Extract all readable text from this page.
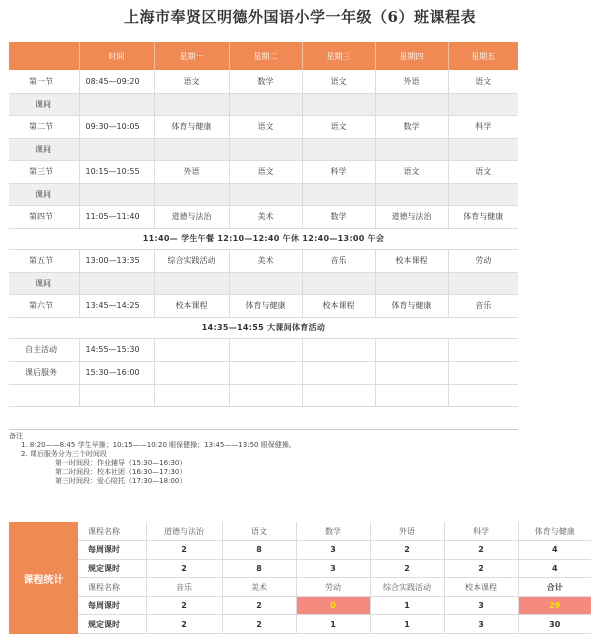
上海市奉贤区明德外国语小学一年级（6）班课程表
	时间	星期一	星期二	星期三	星期四	星期五
第一节	08:45—09:20	语文	数学	语文	外语	语文
课间						
第二节	09:30—10:05	体育与健康	语文	语文	数学	科学
课间						
第三节	10:15—10:55	外语	语文	科学	语文	语文
课间						
第四节	11:05—11:40	道德与法治	美术	数学	道德与法治	体育与健康
11:40— 学生午餐 12:10—12:40 午休 12:40—13:00 午会						
第五节	13:00—13:35	综合实践活动	美术	音乐	校本课程	劳动
课间						
第六节	13:45—14:25	校本课程	体育与健康	校本课程	体育与健康	音乐
14:35—14:55 大课间体育活动						
自主活动	14:55—15:30					
课后服务	15:30—16:00					

备注
1. 8:20——8:45 学生早操；10:15——10:20 眼保健操；13:45——13:50 眼保健操。
2. 课后服务分为三个时间段
第一时间段：作业辅导（15:30—16:30）
第二时间段：校本社团（16:30—17:30）
第三时间段：爱心陪托（17:30—18:00）
课程统计
课程名称	道德与法治	语文	数学	外语	科学	体育与健康
每周课时	2	8	3	2	2	4
规定课时	2	8	3	2	2	4
课程名称	音乐	美术	劳动	综合实践活动	校本课程	合计
每周课时	2	2	0	1	3	29
规定课时	2	2	1	1	3	30
